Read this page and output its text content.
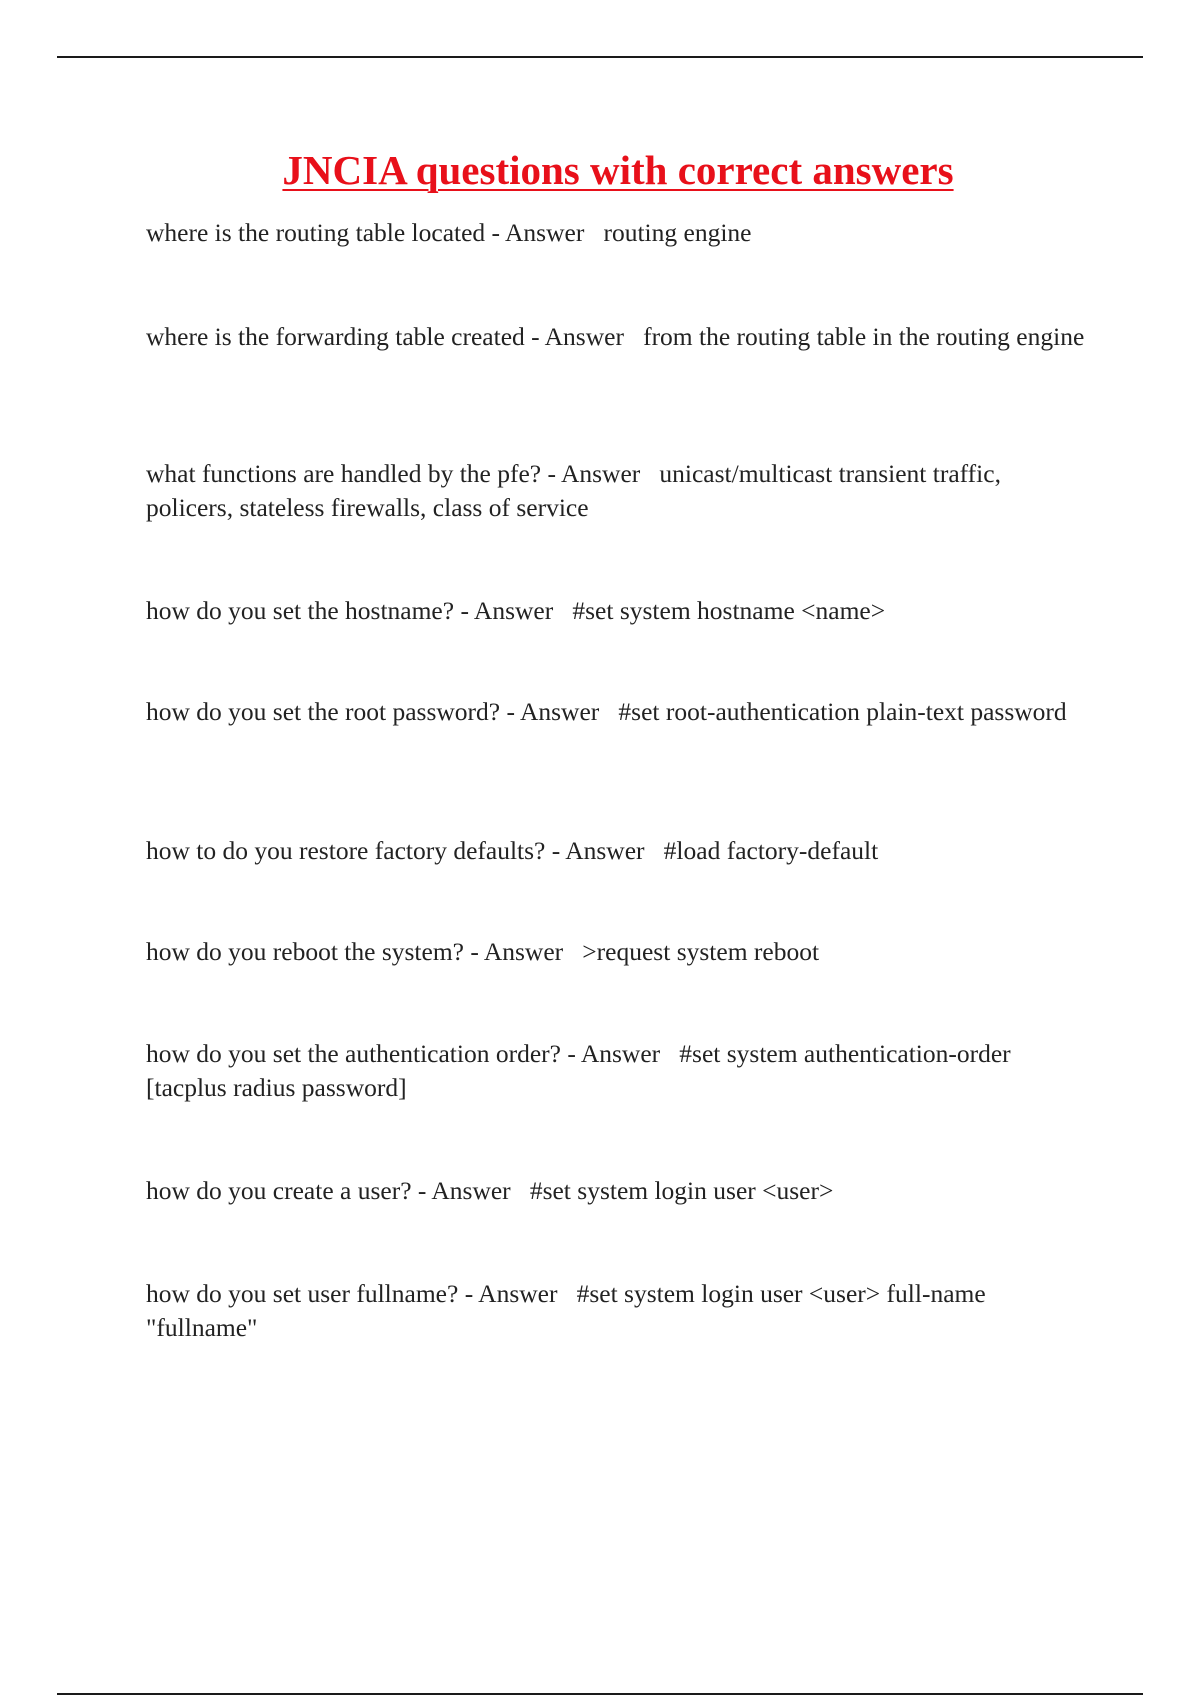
JNCIA questions with correct answers

where is the routing table located - Answer routing engine

where is the forwarding table created - Answer from the routing table in the routing engine

what functions are handled by the pfe? - Answer unicast/multicast transient traffic, policers, stateless firewalls, class of service

how do you set the hostname? - Answer #set system hostname <name>

how do you set the root password? - Answer #set root-authentication plain-text password

how to do you restore factory defaults? - Answer #load factory-default

how do you reboot the system? - Answer >request system reboot

how do you set the authentication order? - Answer #set system authentication-order [tacplus radius password]

how do you create a user? - Answer #set system login user <user>

how do you set user fullname? - Answer #set system login user <user> full-name "fullname"
